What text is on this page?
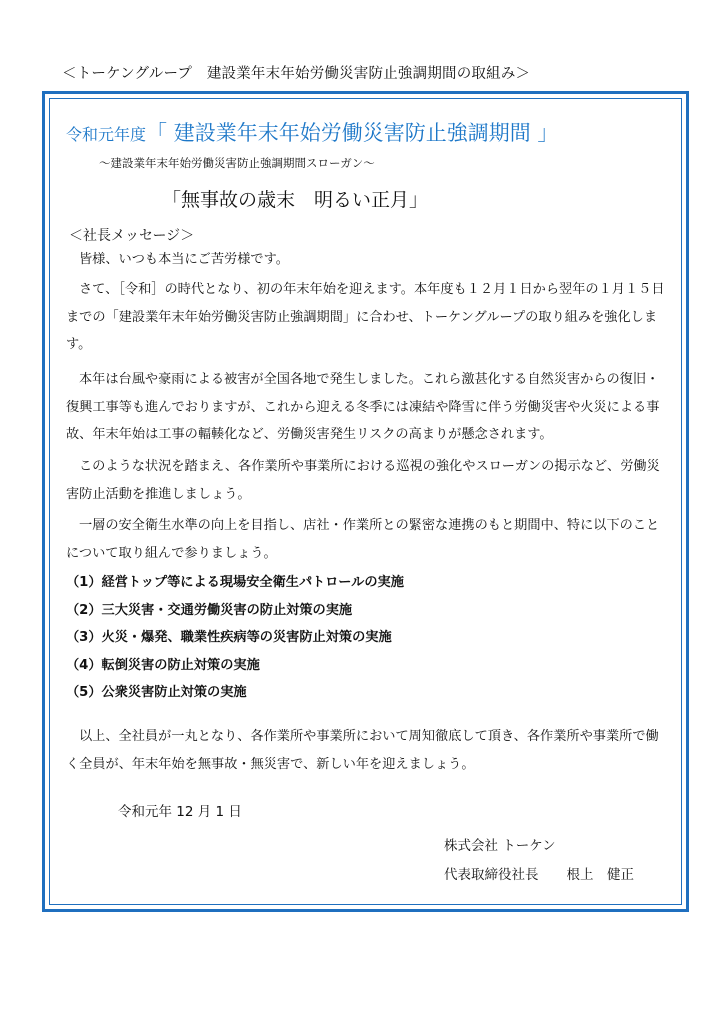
＜トーケングループ　建設業年末年始労働災害防止強調期間の取組み＞
令和元年度「 建設業年末年始労働災害防止強調期間 」
～建設業年末年始労働災害防止強調期間スローガン～
「無事故の歳末　明るい正月」
＜社長メッセージ＞

皆様、いつも本当にご苦労様です。

さて、［令和］の時代となり、初の年末年始を迎えます。本年度も１２月１日から翌年の１月１５日までの「建設業年末年始労働災害防止強調期間」に合わせ、トーケングループの取り組みを強化します。

本年は台風や豪雨による被害が全国各地で発生しました。これら激甚化する自然災害からの復旧・復興工事等も進んでおりますが、これから迎える冬季には凍結や降雪に伴う労働災害や火災による事故、年末年始は工事の輻輳化など、労働災害発生リスクの高まりが懸念されます。

このような状況を踏まえ、各作業所や事業所における巡視の強化やスローガンの掲示など、労働災害防止活動を推進しましょう。

一層の安全衛生水準の向上を目指し、店社・作業所との緊密な連携のもと期間中、特に以下のことについて取り組んで参りましょう。

（1）経営トップ等による現場安全衛生パトロールの実施
（2）三大災害・交通労働災害の防止対策の実施
（3）火災・爆発、職業性疾病等の災害防止対策の実施
（4）転倒災害の防止対策の実施
（5）公衆災害防止対策の実施

以上、全社員が一丸となり、各作業所や事業所において周知徹底して頂き、各作業所や事業所で働く全員が、年末年始を無事故・無災害で、新しい年を迎えましょう。

令和元年 12 月 1 日
株式会社 トーケン
代表取締役社長 根上　健正
